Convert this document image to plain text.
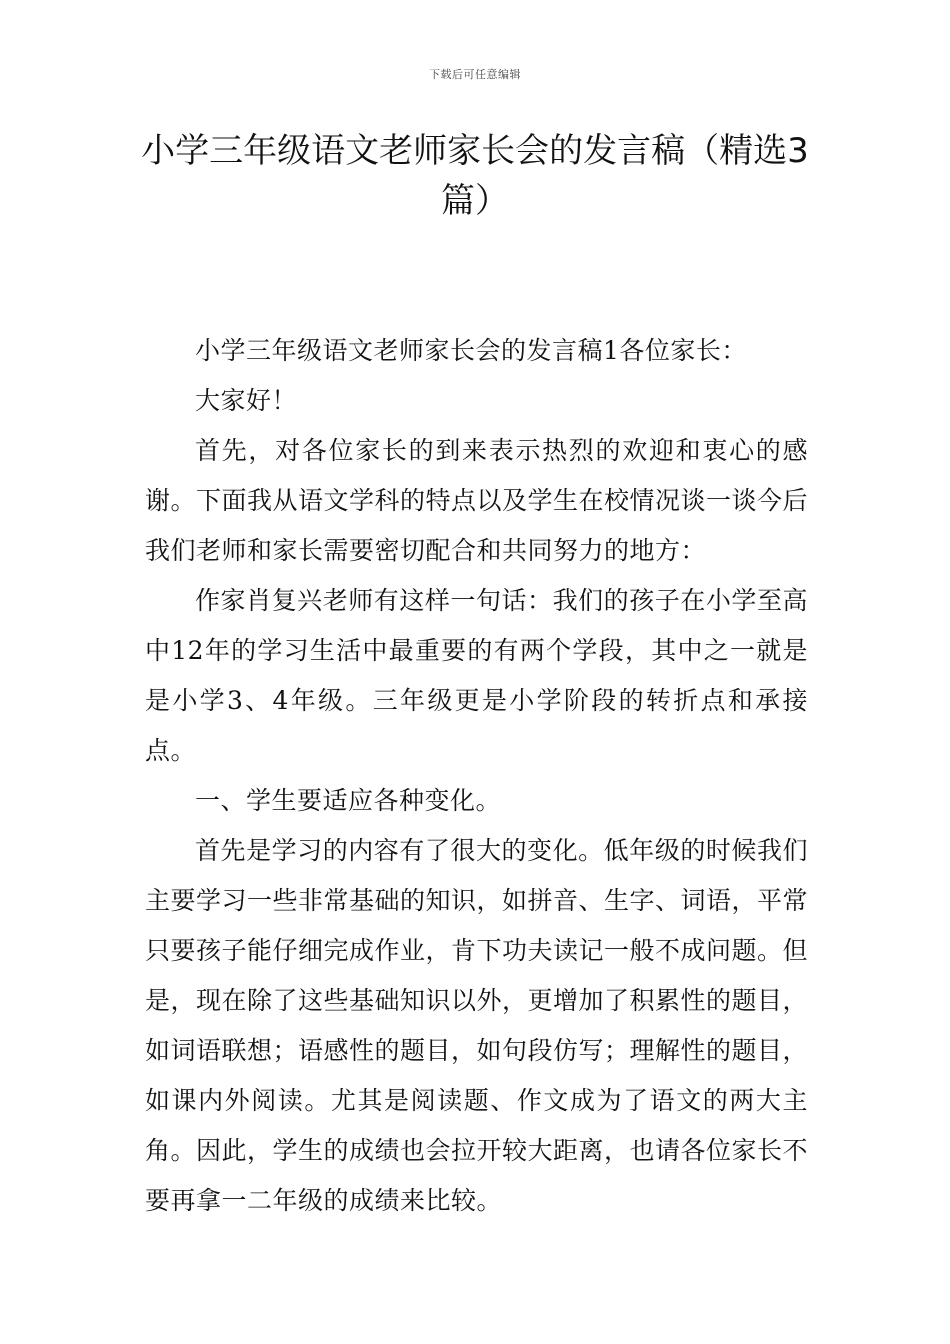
下载后可任意编辑
小学三年级语文老师家长会的发言稿（精选3篇）

小学三年级语文老师家长会的发言稿1各位家长：

大家好！

首先，对各位家长的到来表示热烈的欢迎和衷心的感谢。下面我从语文学科的特点以及学生在校情况谈一谈今后我们老师和家长需要密切配合和共同努力的地方：

作家肖复兴老师有这样一句话：我们的孩子在小学至高中12年的学习生活中最重要的有两个学段，其中之一就是是小学3、4年级。三年级更是小学阶段的转折点和承接点。

一、学生要适应各种变化。

首先是学习的内容有了很大的变化。低年级的时候我们主要学习一些非常基础的知识，如拼音、生字、词语，平常只要孩子能仔细完成作业，肯下功夫读记一般不成问题。但是，现在除了这些基础知识以外，更增加了积累性的题目，如词语联想；语感性的题目，如句段仿写；理解性的题目，如课内外阅读。尤其是阅读题、作文成为了语文的两大主角。因此，学生的成绩也会拉开较大距离，也请各位家长不要再拿一二年级的成绩来比较。
